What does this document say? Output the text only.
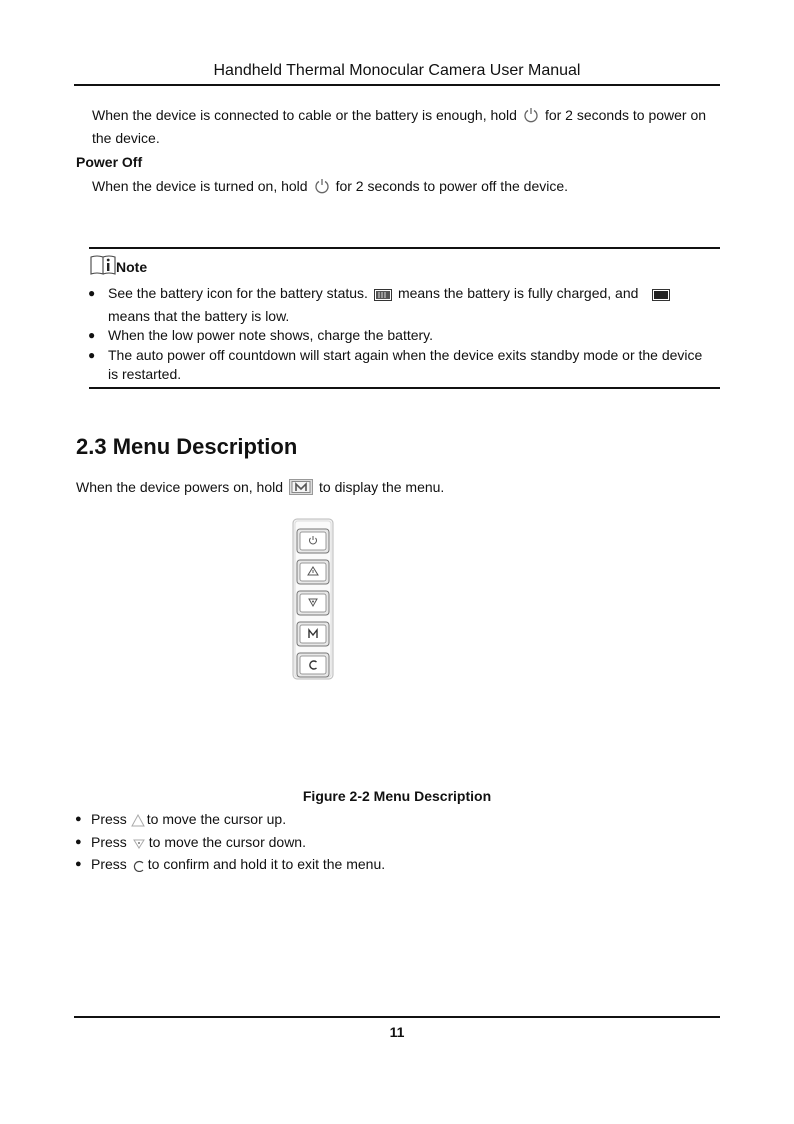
Handheld Thermal Monocular Camera User Manual
When the device is connected to cable or the battery is enough, hold for 2 seconds to power on the device.
Power Off
When the device is turned on, hold for 2 seconds to power off the device.
Note
● See the battery icon for the battery status. means the battery is fully charged, and
means that the battery is low.
● When the low power note shows, charge the battery.
● The auto power off countdown will start again when the device exits standby mode or the device is restarted.
2.3 Menu Description
When the device powers on, hold	to display the menu.
Figure 2-2 Menu Description
● Press to move the cursor up.
● Press to move the cursor down.
● Press to confirm and hold it to exit the menu.
11
